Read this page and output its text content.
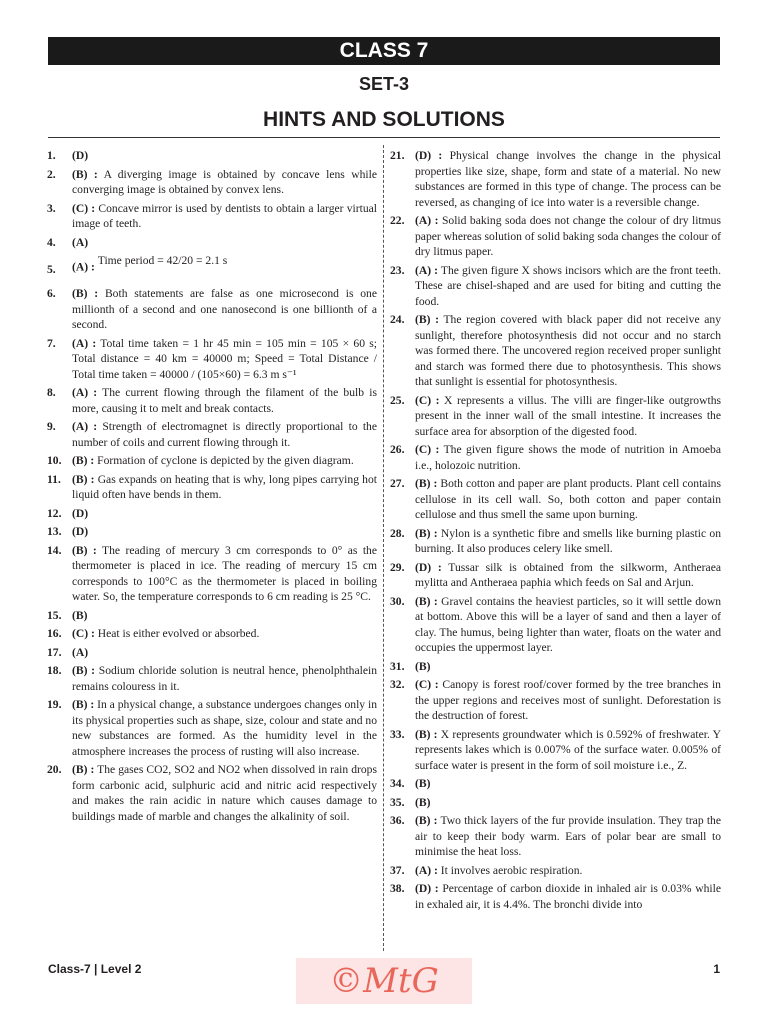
CLASS 7
SET-3
HINTS AND SOLUTIONS
1. (D)
2. (B) : A diverging image is obtained by concave lens while converging image is obtained by convex lens.
3. (C) : Concave mirror is used by dentists to obtain a larger virtual image of teeth.
4. (A)
5. (A) : Time period = 42/20 = 2.1 s
6. (B) : Both statements are false as one microsecond is one millionth of a second and one nanosecond is one billionth of a second.
7. (A) : Total time taken = 1 hr 45 min = 105 min = 105 × 60 s; Total distance = 40 km = 40000 m; Speed = Total Distance / Total time taken = 40000 / (105×60) = 6.3 m s⁻¹
8. (A) : The current flowing through the filament of the bulb is more, causing it to melt and break contacts.
9. (A) : Strength of electromagnet is directly proportional to the number of coils and current flowing through it.
10. (B) : Formation of cyclone is depicted by the given diagram.
11. (B) : Gas expands on heating that is why, long pipes carrying hot liquid often have bends in them.
12. (D)
13. (D)
14. (B) : The reading of mercury 3 cm corresponds to 0° as the thermometer is placed in ice. The reading of mercury 15 cm corresponds to 100°C as the thermometer is placed in boiling water. So, the temperature corresponds to 6 cm reading is 25 °C.
15. (B)
16. (C) : Heat is either evolved or absorbed.
17. (A)
18. (B) : Sodium chloride solution is neutral hence, phenolphthalein remains colouress in it.
19. (B) : In a physical change, a substance undergoes changes only in its physical properties such as shape, size, colour and state and no new substances are formed. As the humidity level in the atmosphere increases the process of rusting will also increase.
20. (B) : The gases CO2, SO2 and NO2 when dissolved in rain drops form carbonic acid, sulphuric acid and nitric acid respectively and makes the rain acidic in nature which causes damage to buildings made of marble and changes the alkalinity of soil.
21. (D) : Physical change involves the change in the physical properties like size, shape, form and state of a material. No new substances are formed in this type of change. The process can be reversed, as changing of ice into water is a reversible change.
22. (A) : Solid baking soda does not change the colour of dry litmus paper whereas solution of solid baking soda changes the colour of dry litmus paper.
23. (A) : The given figure X shows incisors which are the front teeth. These are chisel-shaped and are used for biting and cutting the food.
24. (B) : The region covered with black paper did not receive any sunlight, therefore photosynthesis did not occur and no starch was formed there. The uncovered region received proper sunlight and starch was formed there due to photosynthesis. This shows that sunlight is essential for photosynthesis.
25. (C) : X represents a villus. The villi are finger-like outgrowths present in the inner wall of the small intestine. It increases the surface area for absorption of the digested food.
26. (C) : The given figure shows the mode of nutrition in Amoeba i.e., holozoic nutrition.
27. (B) : Both cotton and paper are plant products. Plant cell contains cellulose in its cell wall. So, both cotton and paper contain cellulose and thus smell the same upon burning.
28. (B) : Nylon is a synthetic fibre and smells like burning plastic on burning. It also produces celery like smell.
29. (D) : Tussar silk is obtained from the silkworm, Antheraea mylitta and Antheraea paphia which feeds on Sal and Arjun.
30. (B) : Gravel contains the heaviest particles, so it will settle down at bottom. Above this will be a layer of sand and then a layer of clay. The humus, being lighter than water, floats on the water and occupies the uppermost layer.
31. (B)
32. (C) : Canopy is forest roof/cover formed by the tree branches in the upper regions and receives most of sunlight. Deforestation is the destruction of forest.
33. (B) : X represents groundwater which is 0.592% of freshwater. Y represents lakes which is 0.007% of the surface water. 0.005% of surface water is present in the form of soil moisture i.e., Z.
34. (B)
35. (B)
36. (B) : Two thick layers of the fur provide insulation. They trap the air to keep their body warm. Ears of polar bear are small to minimise the heat loss.
37. (A) : It involves aerobic respiration.
38. (D) : Percentage of carbon dioxide in inhaled air is 0.03% while in exhaled air, it is 4.4%. The bronchi divide into
Class-7 | Level 2	©MtG	1
